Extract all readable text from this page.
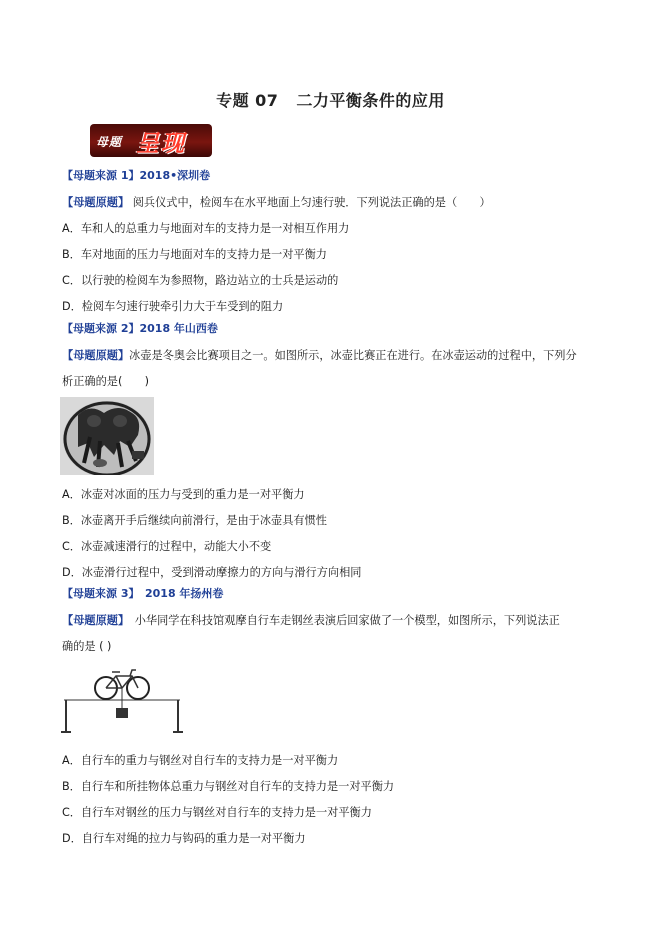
专题 07 二力平衡条件的应用
母题 呈现
【母题来源 1】2018•深圳卷
【母题原题】 阅兵仪式中，检阅车在水平地面上匀速行驶．下列说法正确的是（　　）
A．车和人的总重力与地面对车的支持力是一对相互作用力
B．车对地面的压力与地面对车的支持力是一对平衡力
C．以行驶的检阅车为参照物，路边站立的士兵是运动的
D．检阅车匀速行驶牵引力大于车受到的阻力
【母题来源 2】2018 年山西卷
【母题原题】冰壶是冬奥会比赛项目之一。如图所示，冰壶比赛正在进行。在冰壶运动的过程中，下列分
析正确的是(　　)
A．冰壶对冰面的压力与受到的重力是一对平衡力
B．冰壶离开手后继续向前滑行，是由于冰壶具有惯性
C．冰壶减速滑行的过程中，动能大小不变
D．冰壶滑行过程中，受到滑动摩擦力的方向与滑行方向相同
【母题来源 3】　2018 年扬州卷
【母题原题】　小华同学在科技馆观摩自行车走钢丝表演后回家做了一个模型，如图所示，下列说法正
确的是 ( )
A．自行车的重力与钢丝对自行车的支持力是一对平衡力
B．自行车和所挂物体总重力与钢丝对自行车的支持力是一对平衡力
C．自行车对钢丝的压力与钢丝对自行车的支持力是一对平衡力
D．自行车对绳的拉力与钩码的重力是一对平衡力
